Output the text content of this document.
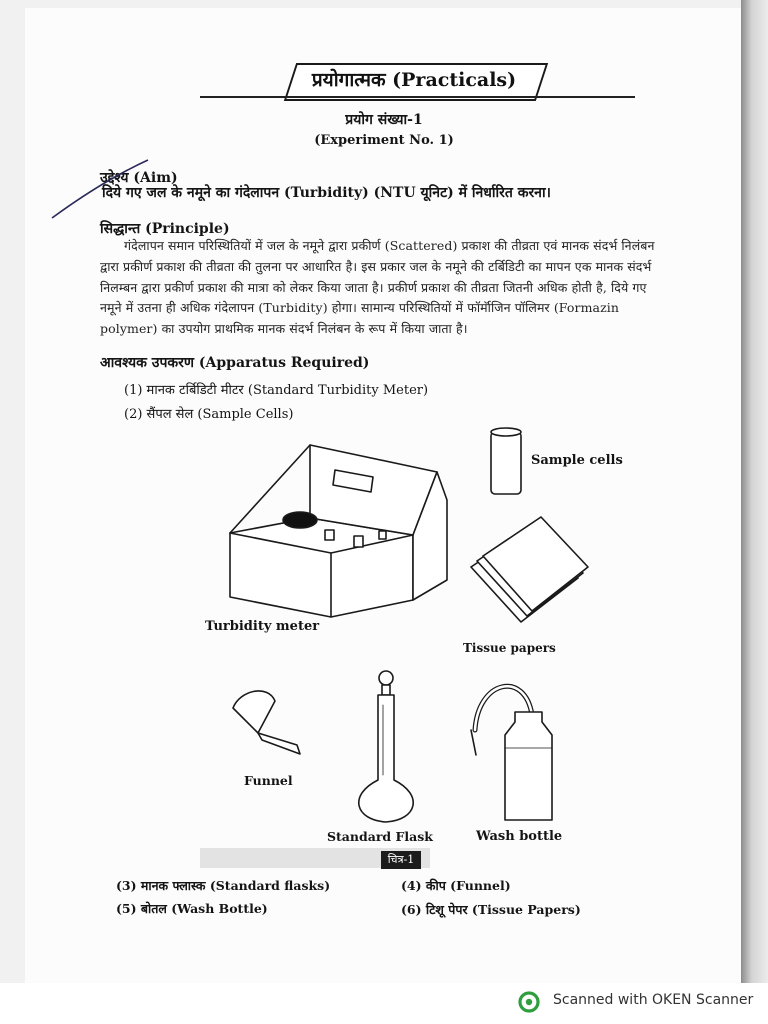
प्रयोगात्मक (Practicals)
प्रयोग संख्या-1
(Experiment No. 1)
उद्देश्य (Aim)
दिये गए जल के नमूने का गंदेलापन (Turbidity) (NTU यूनिट) में निर्धारित करना।
सिद्धान्त (Principle)
गंदेलापन समान परिस्थितियों में जल के नमूने द्वारा प्रकीर्ण (Scattered) प्रकाश की तीव्रता एवं मानक संदर्भ निलंबन
द्वारा प्रकीर्ण प्रकाश की तीव्रता की तुलना पर आधारित है। इस प्रकार जल के नमूने की टर्बिडिटी का मापन एक मानक संदर्भ
निलम्बन द्वारा प्रकीर्ण प्रकाश की मात्रा को लेकर किया जाता है। प्रकीर्ण प्रकाश की तीव्रता जितनी अधिक होती है, दिये गए
नमूने में उतना ही अधिक गंदेलापन (Turbidity) होगा। सामान्य परिस्थितियों में फॉर्मॉजिन पॉलिमर (Formazin
polymer) का उपयोग प्राथमिक मानक संदर्भ निलंबन के रूप में किया जाता है।
आवश्यक उपकरण (Apparatus Required)
(1) मानक टर्बिडिटी मीटर (Standard Turbidity Meter)
(2) सैंपल सेल (Sample Cells)
Turbidity meter
Sample cells
Tissue papers
Funnel
Standard Flask	Wash bottle
चित्र-1
(3) मानक फ्लास्क (Standard flasks)	(4) कीप (Funnel)
(5) बोतल (Wash Bottle)	(6) टिशू पेपर (Tissue Papers)
Scanned with OKEN Scanner
